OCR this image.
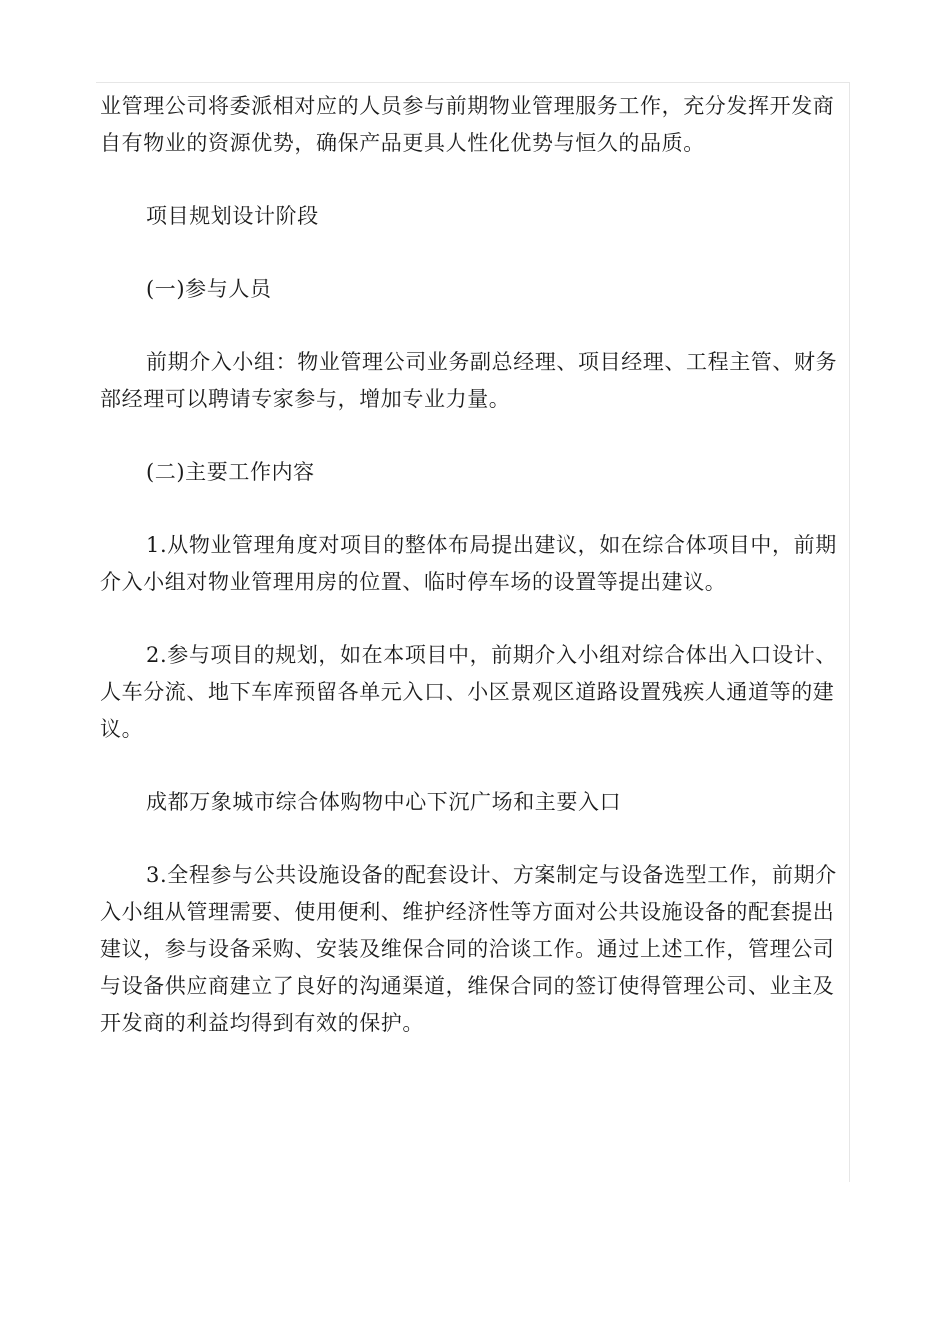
业管理公司将委派相对应的人员参与前期物业管理服务工作，充分发挥开发商自有物业的资源优势，确保产品更具人性化优势与恒久的品质。

项目规划设计阶段

(一)参与人员

前期介入小组：物业管理公司业务副总经理、项目经理、工程主管、财务部经理可以聘请专家参与，增加专业力量。

(二)主要工作内容

1.从物业管理角度对项目的整体布局提出建议，如在综合体项目中，前期介入小组对物业管理用房的位置、临时停车场的设置等提出建议。

2.参与项目的规划，如在本项目中，前期介入小组对综合体出入口设计、人车分流、地下车库预留各单元入口、小区景观区道路设置残疾人通道等的建议。

成都万象城市综合体购物中心下沉广场和主要入口

3.全程参与公共设施设备的配套设计、方案制定与设备选型工作，前期介入小组从管理需要、使用便利、维护经济性等方面对公共设施设备的配套提出建议，参与设备采购、安装及维保合同的洽谈工作。通过上述工作，管理公司与设备供应商建立了良好的沟通渠道，维保合同的签订使得管理公司、业主及开发商的利益均得到有效的保护。
